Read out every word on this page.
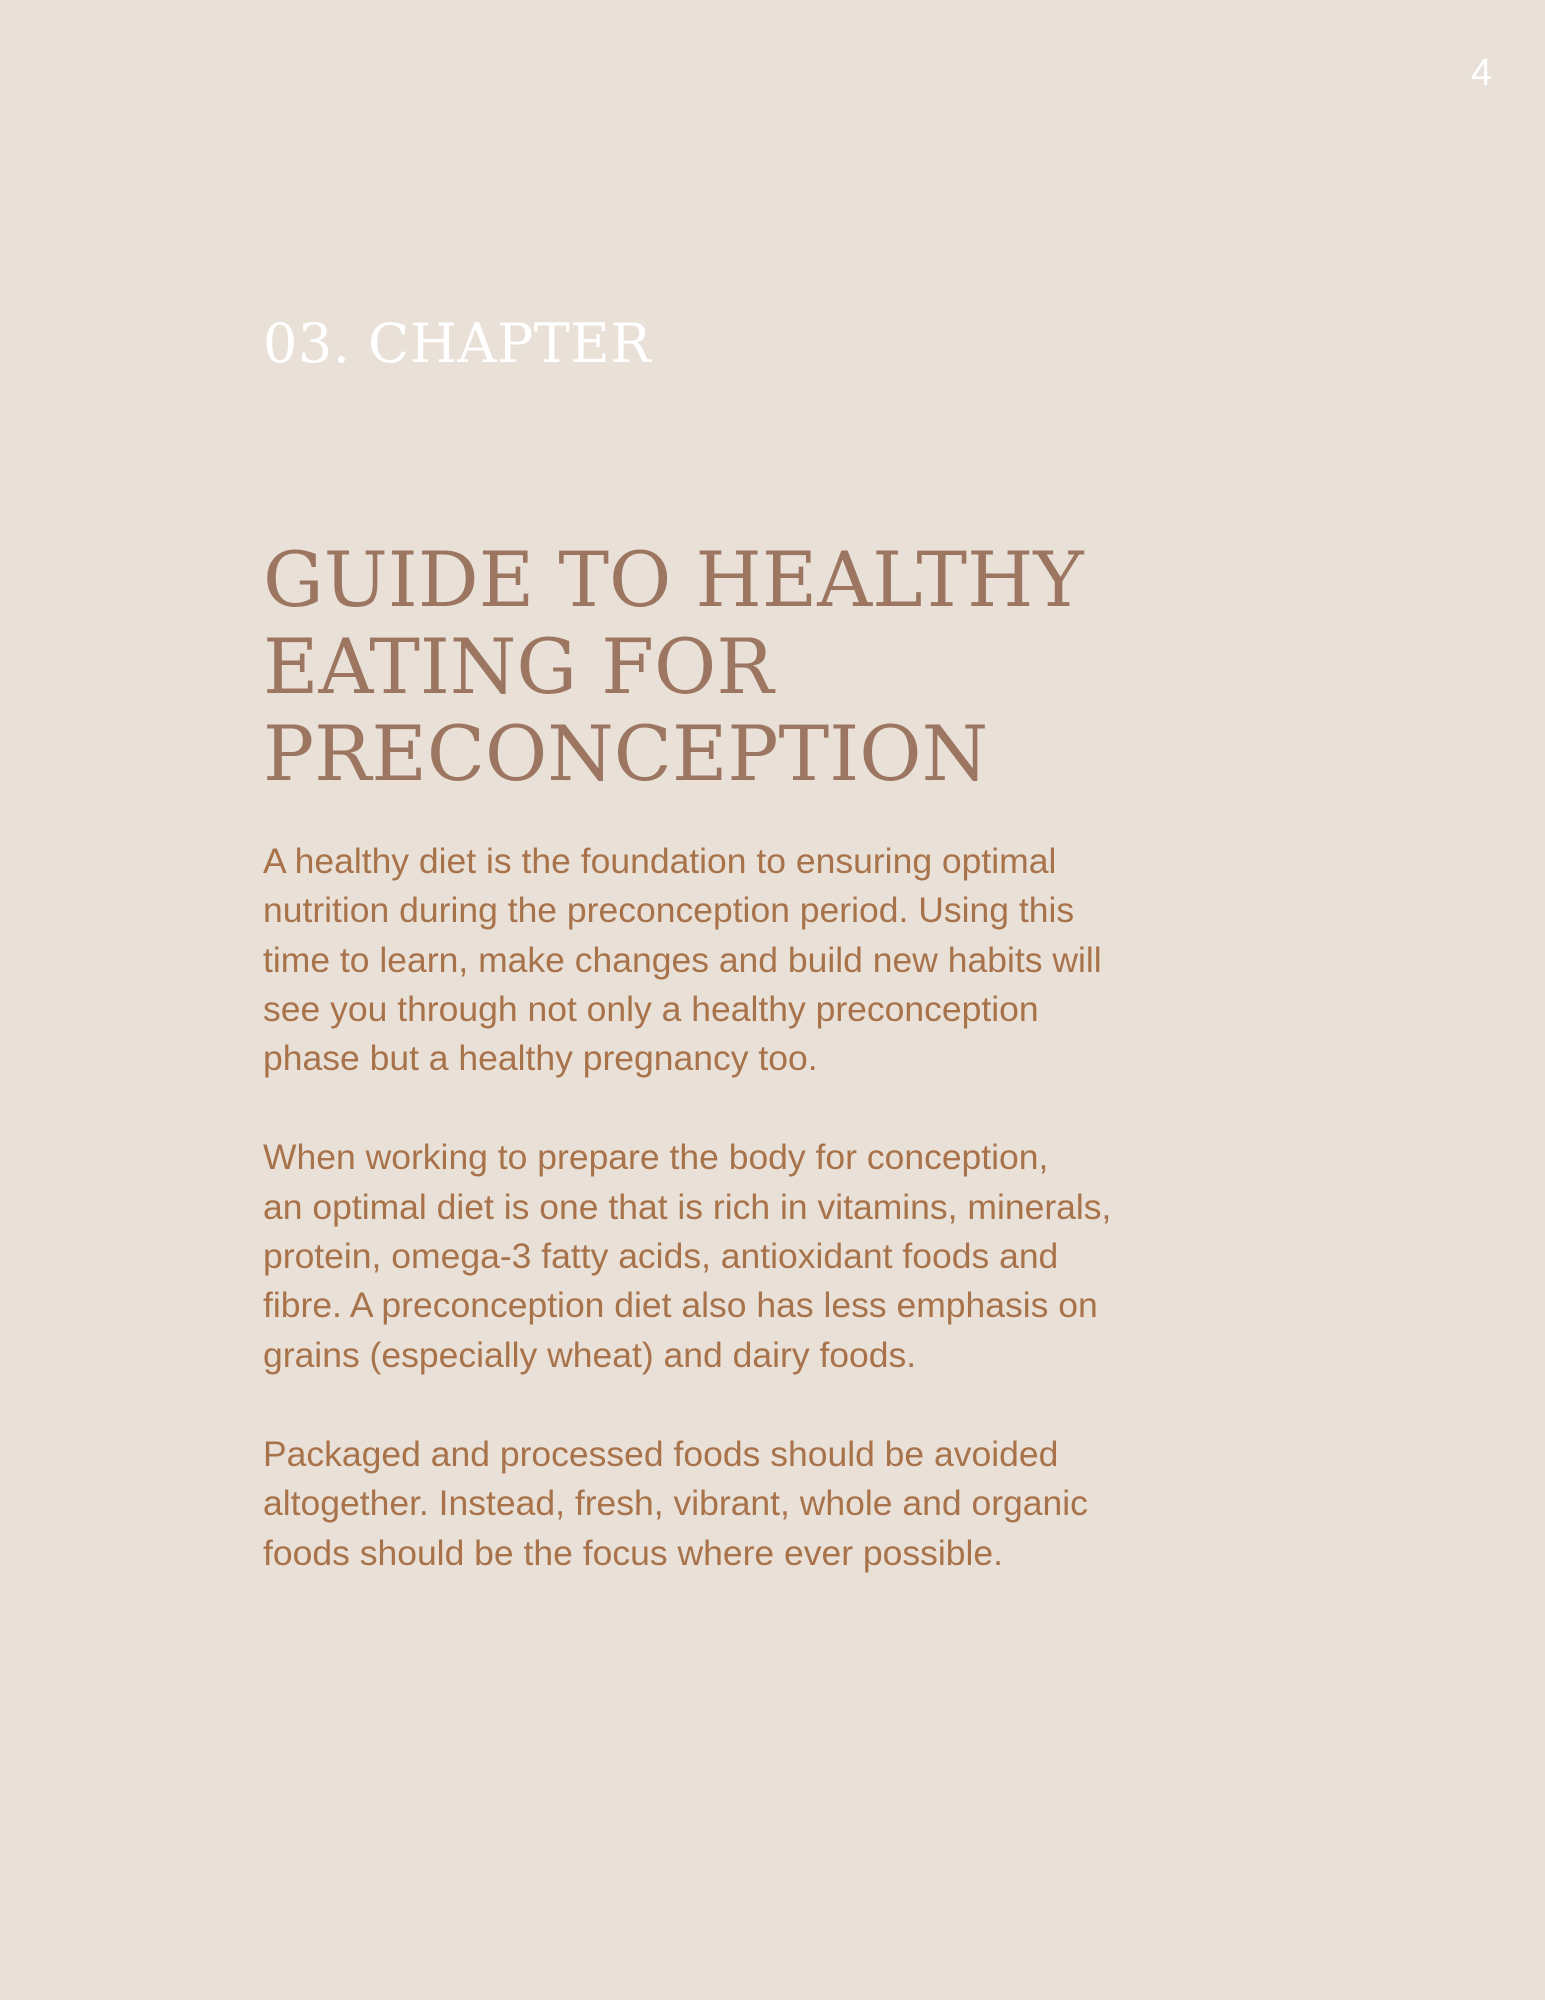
4
03. CHAPTER
GUIDE TO HEALTHY
EATING FOR
PRECONCEPTION

A healthy diet is the foundation to ensuring optimal
nutrition during the preconception period. Using this
time to learn, make changes and build new habits will
see you through not only a healthy preconception
phase but a healthy pregnancy too.

When working to prepare the body for conception,
an optimal diet is one that is rich in vitamins, minerals,
protein, omega-3 fatty acids, antioxidant foods and
fibre. A preconception diet also has less emphasis on
grains (especially wheat) and dairy foods.

Packaged and processed foods should be avoided
altogether. Instead, fresh, vibrant, whole and organic
foods should be the focus where ever possible.
